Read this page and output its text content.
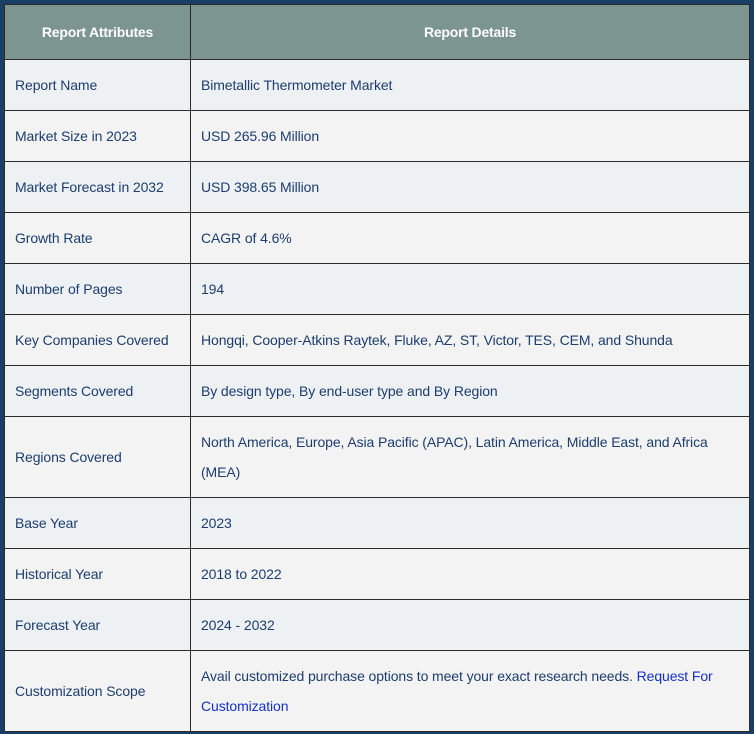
Report Attributes	Report Details
Report Name	Bimetallic Thermometer Market
Market Size in 2023	USD 265.96 Million
Market Forecast in 2032	USD 398.65 Million
Growth Rate	CAGR of 4.6%
Number of Pages	194
Key Companies Covered	Hongqi, Cooper-Atkins Raytek, Fluke, AZ, ST, Victor, TES, CEM, and Shunda
Segments Covered	By design type, By end-user type and By Region
Regions Covered	North America, Europe, Asia Pacific (APAC), Latin America, Middle East, and Africa (MEA)
Base Year	2023
Historical Year	2018 to 2022
Forecast Year	2024 - 2032
Customization Scope	Avail customized purchase options to meet your exact research needs. Request For Customization
